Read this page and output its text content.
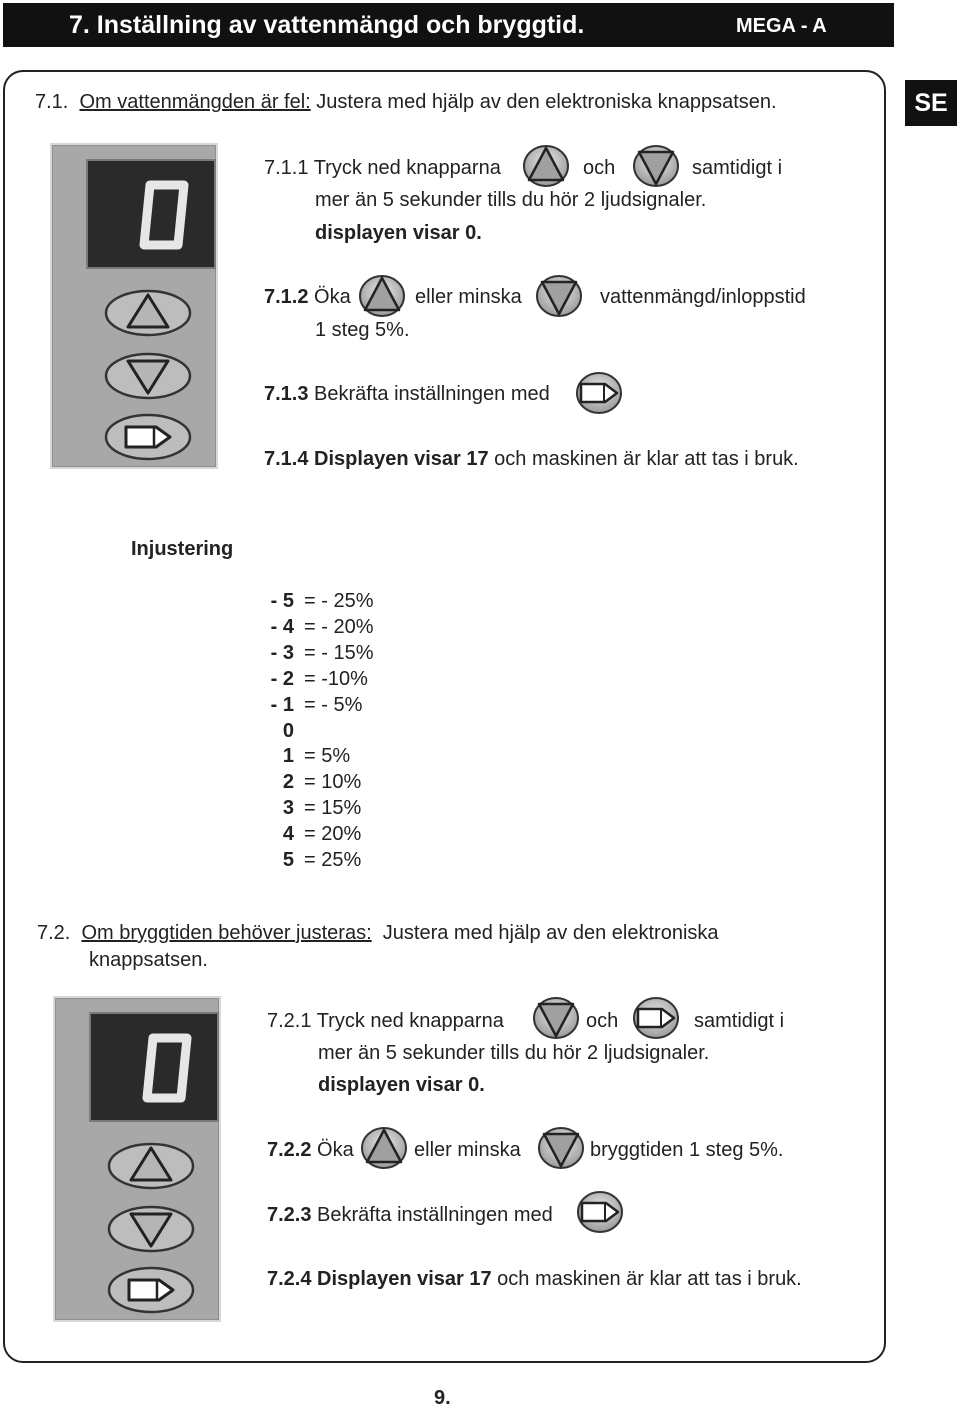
7. Inställning av vattenmängd och bryggtid.	MEGA - A
SE
7.1. Om vattenmängden är fel: Justera med hjälp av den elektroniska knappsatsen.
7.1.1 Tryck ned knapparna	och	samtidigt i
mer än 5 sekunder tills du hör 2 ljudsignaler.
displayen visar 0.
7.1.2 Öka	eller minska	vattenmängd/inloppstid
1 steg 5%.
7.1.3 Bekräfta inställningen med
7.1.4 Displayen visar 17 och maskinen är klar att tas i bruk.
Injustering
- 5 = - 25%
- 4 = - 20%
- 3 = - 15%
- 2 = -10%
- 1 = - 5%
0
1 = 5%
2 = 10%
3 = 15%
4 = 20%
5 = 25%
7.2. Om bryggtiden behöver justeras: Justera med hjälp av den elektroniska
knappsatsen.
7.2.1 Tryck ned knapparna	och	samtidigt i
mer än 5 sekunder tills du hör 2 ljudsignaler.
displayen visar 0.
7.2.2 Öka	eller minska	bryggtiden 1 steg 5%.
7.2.3 Bekräfta inställningen med
7.2.4 Displayen visar 17 och maskinen är klar att tas i bruk.
9.
